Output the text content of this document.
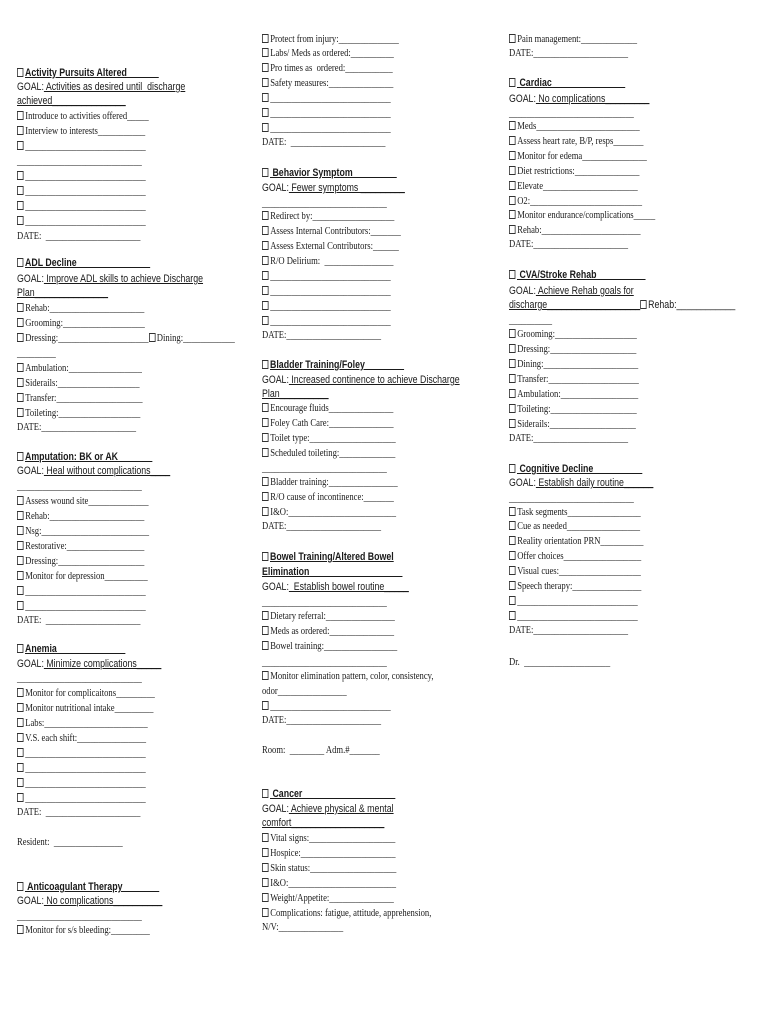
Activity Pursuits Altered ______
GOAL: Activities as desired until  discharge
achieved_______________
Introduce to activities offered_____
Interview to interests___________
____________________________
_____________________________
____________________________
____________________________
____________________________
____________________________
DATE:  ______________________
ADL Decline_______________
GOAL: Improve ADL skills to achieve Discharge
Plan_______________
Rehab:______________________
Grooming:___________________
Dressing:_____________________ Dining:____________
_________
Ambulation:_________________
Siderails:___________________
Transfer:____________________
Toileting:___________________
DATE:______________________
Amputation: BK or AK_______
GOAL: Heal without complications____
_____________________________
Assess wound site______________
Rehab:______________________
Nsg:_________________________
Restorative:__________________
Dressing:____________________
Monitor for depression__________
____________________________
____________________________
DATE:  ______________________
Anemia______________
GOAL: Minimize complications_____
_____________________________
Monitor for complicaitons_________
Monitor nutritional intake_________
Labs:________________________
V.S. each shift:________________
____________________________
____________________________
____________________________
____________________________
DATE:  ______________________
Resident:  ________________
Anticoagulant Therapy _______
GOAL: No complications__________
_____________________________
Monitor for s/s bleeding:_________
Protect from injury:______________
Labs/ Meds as ordered:__________
Pro times as  ordered:___________
Safety measures:_______________
____________________________
____________________________
____________________________
DATE:  ______________________
Behavior Symptom_________
GOAL: Fewer symptoms _________
_____________________________
Redirect by:___________________
Assess Internal Contributors:_______
Assess External Contributors:______
R/O Delirium:  ________________
____________________________
____________________________
____________________________
____________________________
DATE:______________________
Bladder Training/Foley________
GOAL: Increased continence to achieve Discharge
Plan__________
Encourage fluids_______________
Foley Cath Care:_______________
Toilet type:____________________
Scheduled toileting:_____________
_____________________________
Bladder training:________________
R/O cause of incontinence:_______
I&O:_________________________
DATE:______________________
Bowel Training/Altered Bowel
Elimination___________________
GOAL:  Establish bowel routine_____
_____________________________
Dietary referral:________________
Meds as ordered:_______________
Bowel training:_________________
_____________________________
Monitor elimination pattern, color, consistency,
odor________________
____________________________
DATE:______________________
Room:  ________ Adm.#_______
Cancer___________________
GOAL: Achieve physical & mental
comfort___________________
Vital signs:____________________
Hospice:______________________
Skin status:____________________
I&O:_________________________
Weight/Appetite:_______________
Complications: fatigue, attitude, apprehension,
N/V:_______________
Pain management:_____________
DATE:______________________
Cardiac_______________
GOAL: No complications_________
_____________________________
Meds________________________
Assess heart rate, B/P, resps_______
Monitor for edema_______________
Diet restrictions:_______________
Elevate______________________
O2:__________________________
Monitor endurance/complications_____
Rehab:_______________________
DATE:______________________
CVA/Stroke Rehab__________
GOAL: Achieve Rehab goals for
discharge___________________ Rehab:____________
__________
Grooming:___________________
Dressing:____________________
Dining:______________________
Transfer:_____________________
Ambulation:__________________
Toileting:____________________
Siderails:____________________
DATE:______________________
Cognitive Decline__________
GOAL: Establish daily routine______
_____________________________
Task segments_________________
Cue as needed_________________
Reality orientation PRN__________
Offer choices__________________
Visual cues:___________________
Speech therapy:________________
____________________________
____________________________
DATE:______________________
Dr.  ____________________
